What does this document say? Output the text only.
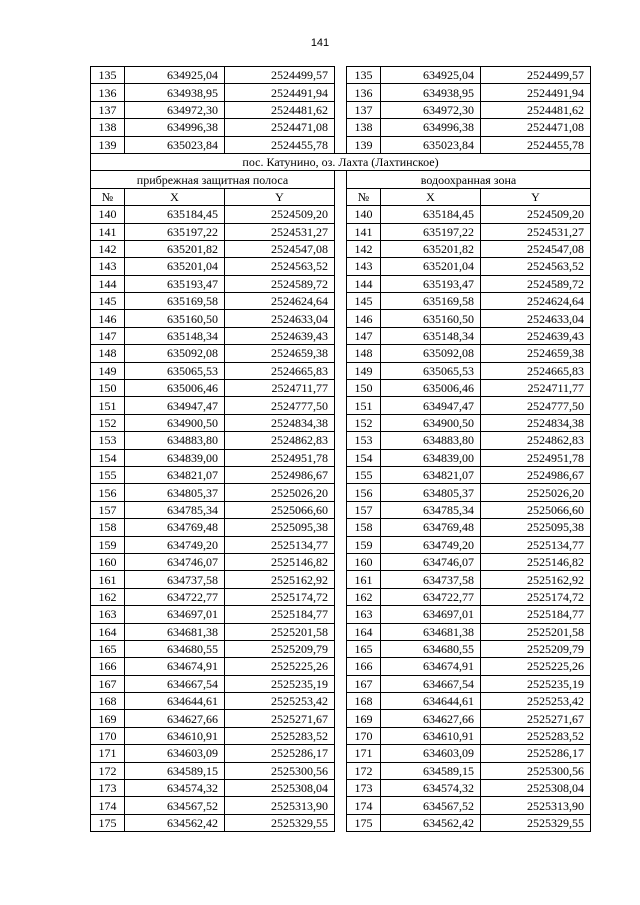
141
135	634925,04	2524499,57		135	634925,04	2524499,57
136	634938,95	2524491,94		136	634938,95	2524491,94
137	634972,30	2524481,62		137	634972,30	2524481,62
138	634996,38	2524471,08		138	634996,38	2524471,08
139	635023,84	2524455,78		139	635023,84	2524455,78
пос. Катунино, оз. Лахта (Лахтинское)						
прибрежная защитная полоса				водоохранная зона		
№	X	Y		№	X	Y
140	635184,45	2524509,20		140	635184,45	2524509,20
141	635197,22	2524531,27		141	635197,22	2524531,27
142	635201,82	2524547,08		142	635201,82	2524547,08
143	635201,04	2524563,52		143	635201,04	2524563,52
144	635193,47	2524589,72		144	635193,47	2524589,72
145	635169,58	2524624,64		145	635169,58	2524624,64
146	635160,50	2524633,04		146	635160,50	2524633,04
147	635148,34	2524639,43		147	635148,34	2524639,43
148	635092,08	2524659,38		148	635092,08	2524659,38
149	635065,53	2524665,83		149	635065,53	2524665,83
150	635006,46	2524711,77		150	635006,46	2524711,77
151	634947,47	2524777,50		151	634947,47	2524777,50
152	634900,50	2524834,38		152	634900,50	2524834,38
153	634883,80	2524862,83		153	634883,80	2524862,83
154	634839,00	2524951,78		154	634839,00	2524951,78
155	634821,07	2524986,67		155	634821,07	2524986,67
156	634805,37	2525026,20		156	634805,37	2525026,20
157	634785,34	2525066,60		157	634785,34	2525066,60
158	634769,48	2525095,38		158	634769,48	2525095,38
159	634749,20	2525134,77		159	634749,20	2525134,77
160	634746,07	2525146,82		160	634746,07	2525146,82
161	634737,58	2525162,92		161	634737,58	2525162,92
162	634722,77	2525174,72		162	634722,77	2525174,72
163	634697,01	2525184,77		163	634697,01	2525184,77
164	634681,38	2525201,58		164	634681,38	2525201,58
165	634680,55	2525209,79		165	634680,55	2525209,79
166	634674,91	2525225,26		166	634674,91	2525225,26
167	634667,54	2525235,19		167	634667,54	2525235,19
168	634644,61	2525253,42		168	634644,61	2525253,42
169	634627,66	2525271,67		169	634627,66	2525271,67
170	634610,91	2525283,52		170	634610,91	2525283,52
171	634603,09	2525286,17		171	634603,09	2525286,17
172	634589,15	2525300,56		172	634589,15	2525300,56
173	634574,32	2525308,04		173	634574,32	2525308,04
174	634567,52	2525313,90		174	634567,52	2525313,90
175	634562,42	2525329,55		175	634562,42	2525329,55
